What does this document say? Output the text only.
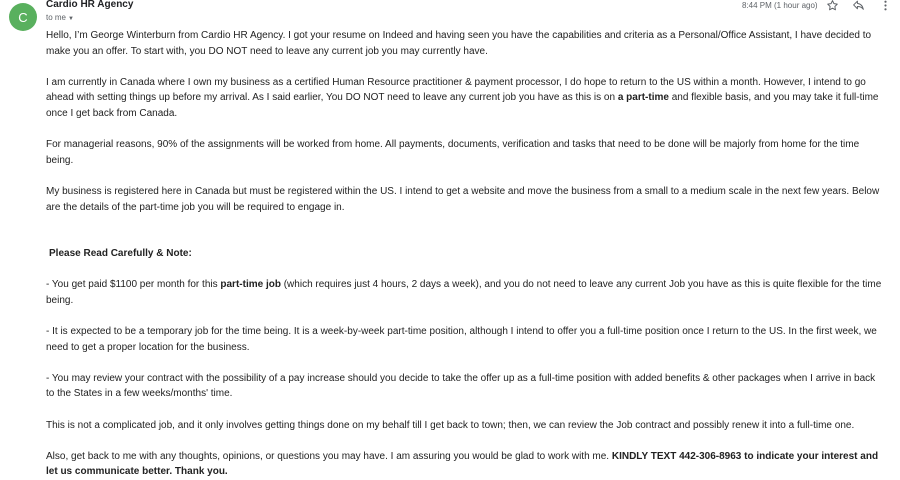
C
Cardio HR Agency
to me ▼
8:44 PM (1 hour ago)

Hello, I’m George Winterburn from Cardio HR Agency. I got your resume on Indeed and having seen you have the capabilities and criteria as a Personal/Office Assistant, I have decided to make you an offer. To start with, you DO NOT need to leave any current job you may currently have.

I am currently in Canada where I own my business as a certified Human Resource practitioner & payment processor, I do hope to return to the US within a month. However, I intend to go ahead with setting things up before my arrival. As I said earlier, You DO NOT need to leave any current job you have as this is on a part-time and flexible basis, and you may take it full-time once I get back from Canada.

For managerial reasons, 90% of the assignments will be worked from home. All payments, documents, verification and tasks that need to be done will be majorly from home for the time being.

My business is registered here in Canada but must be registered within the US. I intend to get a website and move the business from a small to a medium scale in the next few years. Below are the details of the part-time job you will be required to engage in.

Please Read Carefully & Note:

- You get paid $1100 per month for this part-time job (which requires just 4 hours, 2 days a week), and you do not need to leave any current Job you have as this is quite flexible for the time being.

- It is expected to be a temporary job for the time being. It is a week-by-week part-time position, although I intend to offer you a full-time position once I return to the US. In the first week, we need to get a proper location for the business.

- You may review your contract with the possibility of a pay increase should you decide to take the offer up as a full-time position with added benefits & other packages when I arrive in back to the States in a few weeks/months' time.

This is not a complicated job, and it only involves getting things done on my behalf till I get back to town; then, we can review the Job contract and possibly renew it into a full-time one.

Also, get back to me with any thoughts, opinions, or questions you may have. I am assuring you would be glad to work with me. KINDLY TEXT 442-306-8963 to indicate your interest and let us communicate better. Thank you.
